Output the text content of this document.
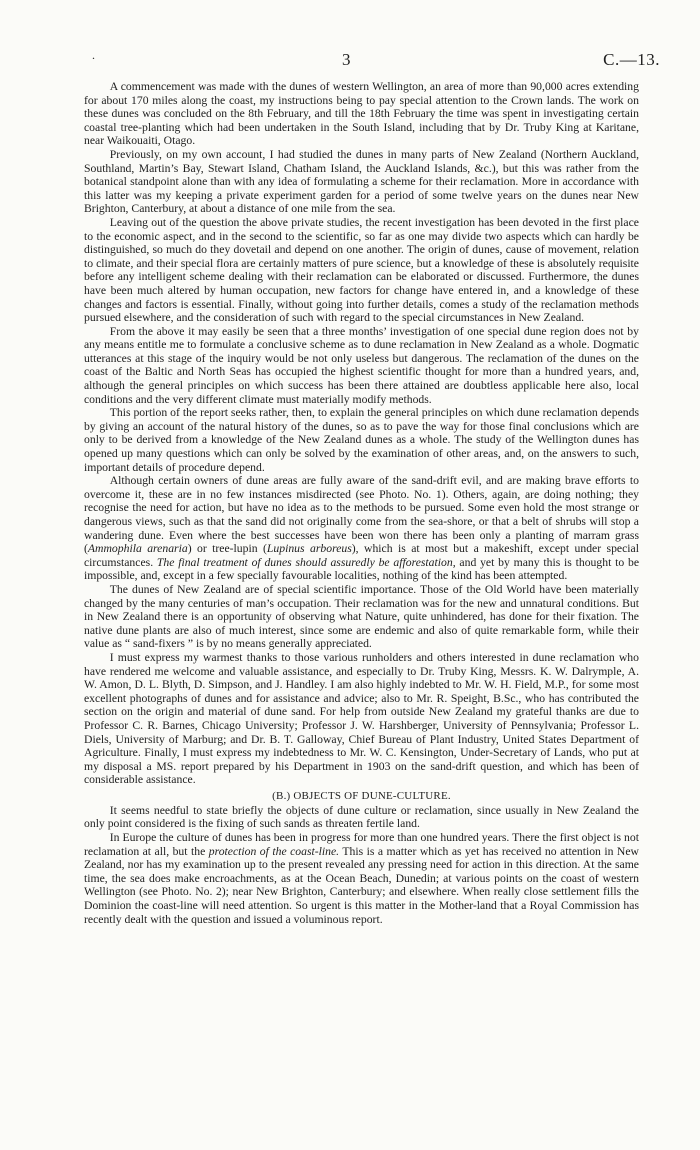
.	3	C.—13.

A commencement was made with the dunes of western Wellington, an area of more than 90,000 acres extending for about 170 miles along the coast, my instructions being to pay special attention to the Crown lands. The work on these dunes was concluded on the 8th February, and till the 18th February the time was spent in investigating certain coastal tree-planting which had been undertaken in the South Island, including that by Dr. Truby King at Karitane, near Waikouaiti, Otago.

Previously, on my own account, I had studied the dunes in many parts of New Zealand (Northern Auckland, Southland, Martin’s Bay, Stewart Island, Chatham Island, the Auckland Islands, &c.), but this was rather from the botanical standpoint alone than with any idea of formulating a scheme for their reclamation. More in accordance with this latter was my keeping a private experiment garden for a period of some twelve years on the dunes near New Brighton, Canterbury, at about a distance of one mile from the sea.

Leaving out of the question the above private studies, the recent investigation has been devoted in the first place to the economic aspect, and in the second to the scientific, so far as one may divide two aspects which can hardly be distinguished, so much do they dovetail and depend on one another. The origin of dunes, cause of movement, relation to climate, and their special flora are certainly matters of pure science, but a knowledge of these is absolutely requisite before any intelligent scheme dealing with their reclamation can be elaborated or discussed. Furthermore, the dunes have been much altered by human occupation, new factors for change have entered in, and a knowledge of these changes and factors is essential. Finally, without going into further details, comes a study of the reclamation methods pursued elsewhere, and the consideration of such with regard to the special circumstances in New Zealand.

From the above it may easily be seen that a three months’ investigation of one special dune region does not by any means entitle me to formulate a conclusive scheme as to dune reclamation in New Zealand as a whole. Dogmatic utterances at this stage of the inquiry would be not only useless but dangerous. The reclamation of the dunes on the coast of the Baltic and North Seas has occupied the highest scientific thought for more than a hundred years, and, although the general principles on which success has been there attained are doubtless applicable here also, local conditions and the very different climate must materially modify methods.

This portion of the report seeks rather, then, to explain the general principles on which dune reclamation depends by giving an account of the natural history of the dunes, so as to pave the way for those final conclusions which are only to be derived from a knowledge of the New Zealand dunes as a whole. The study of the Wellington dunes has opened up many questions which can only be solved by the examination of other areas, and, on the answers to such, important details of procedure depend.

Although certain owners of dune areas are fully aware of the sand-drift evil, and are making brave efforts to overcome it, these are in no few instances misdirected (see Photo. No. 1). Others, again, are doing nothing; they recognise the need for action, but have no idea as to the methods to be pursued. Some even hold the most strange or dangerous views, such as that the sand did not originally come from the sea-shore, or that a belt of shrubs will stop a wandering dune. Even where the best successes have been won there has been only a planting of marram grass (Ammophila arenaria) or tree-lupin (Lupinus arboreus), which is at most but a makeshift, except under special circumstances. The final treatment of dunes should assuredly be afforestation, and yet by many this is thought to be impossible, and, except in a few specially favourable localities, nothing of the kind has been attempted.

The dunes of New Zealand are of special scientific importance. Those of the Old World have been materially changed by the many centuries of man’s occupation. Their reclamation was for the new and unnatural conditions. But in New Zealand there is an opportunity of observing what Nature, quite unhindered, has done for their fixation. The native dune plants are also of much interest, since some are endemic and also of quite remarkable form, while their value as “ sand-fixers ” is by no means generally appreciated.

I must express my warmest thanks to those various runholders and others interested in dune reclamation who have rendered me welcome and valuable assistance, and especially to Dr. Truby King, Messrs. K. W. Dalrymple, A. W. Amon, D. L. Blyth, D. Simpson, and J. Handley. I am also highly indebted to Mr. W. H. Field, M.P., for some most excellent photographs of dunes and for assistance and advice; also to Mr. R. Speight, B.Sc., who has contributed the section on the origin and material of dune sand. For help from outside New Zealand my grateful thanks are due to Professor C. R. Barnes, Chicago University; Professor J. W. Harshberger, University of Pennsylvania; Professor L. Diels, University of Marburg; and Dr. B. T. Galloway, Chief Bureau of Plant Industry, United States Department of Agriculture. Finally, I must express my indebtedness to Mr. W. C. Kensington, Under-Secretary of Lands, who put at my disposal a MS. report prepared by his Department in 1903 on the sand-drift question, and which has been of considerable assistance.

(B.) OBJECTS OF DUNE-CULTURE.

It seems needful to state briefly the objects of dune culture or reclamation, since usually in New Zealand the only point considered is the fixing of such sands as threaten fertile land.

In Europe the culture of dunes has been in progress for more than one hundred years. There the first object is not reclamation at all, but the protection of the coast-line. This is a matter which as yet has received no attention in New Zealand, nor has my examination up to the present revealed any pressing need for action in this direction. At the same time, the sea does make encroachments, as at the Ocean Beach, Dunedin; at various points on the coast of western Wellington (see Photo. No. 2); near New Brighton, Canterbury; and elsewhere. When really close settlement fills the Dominion the coast-line will need attention. So urgent is this matter in the Mother-land that a Royal Commission has recently dealt with the question and issued a voluminous report.
